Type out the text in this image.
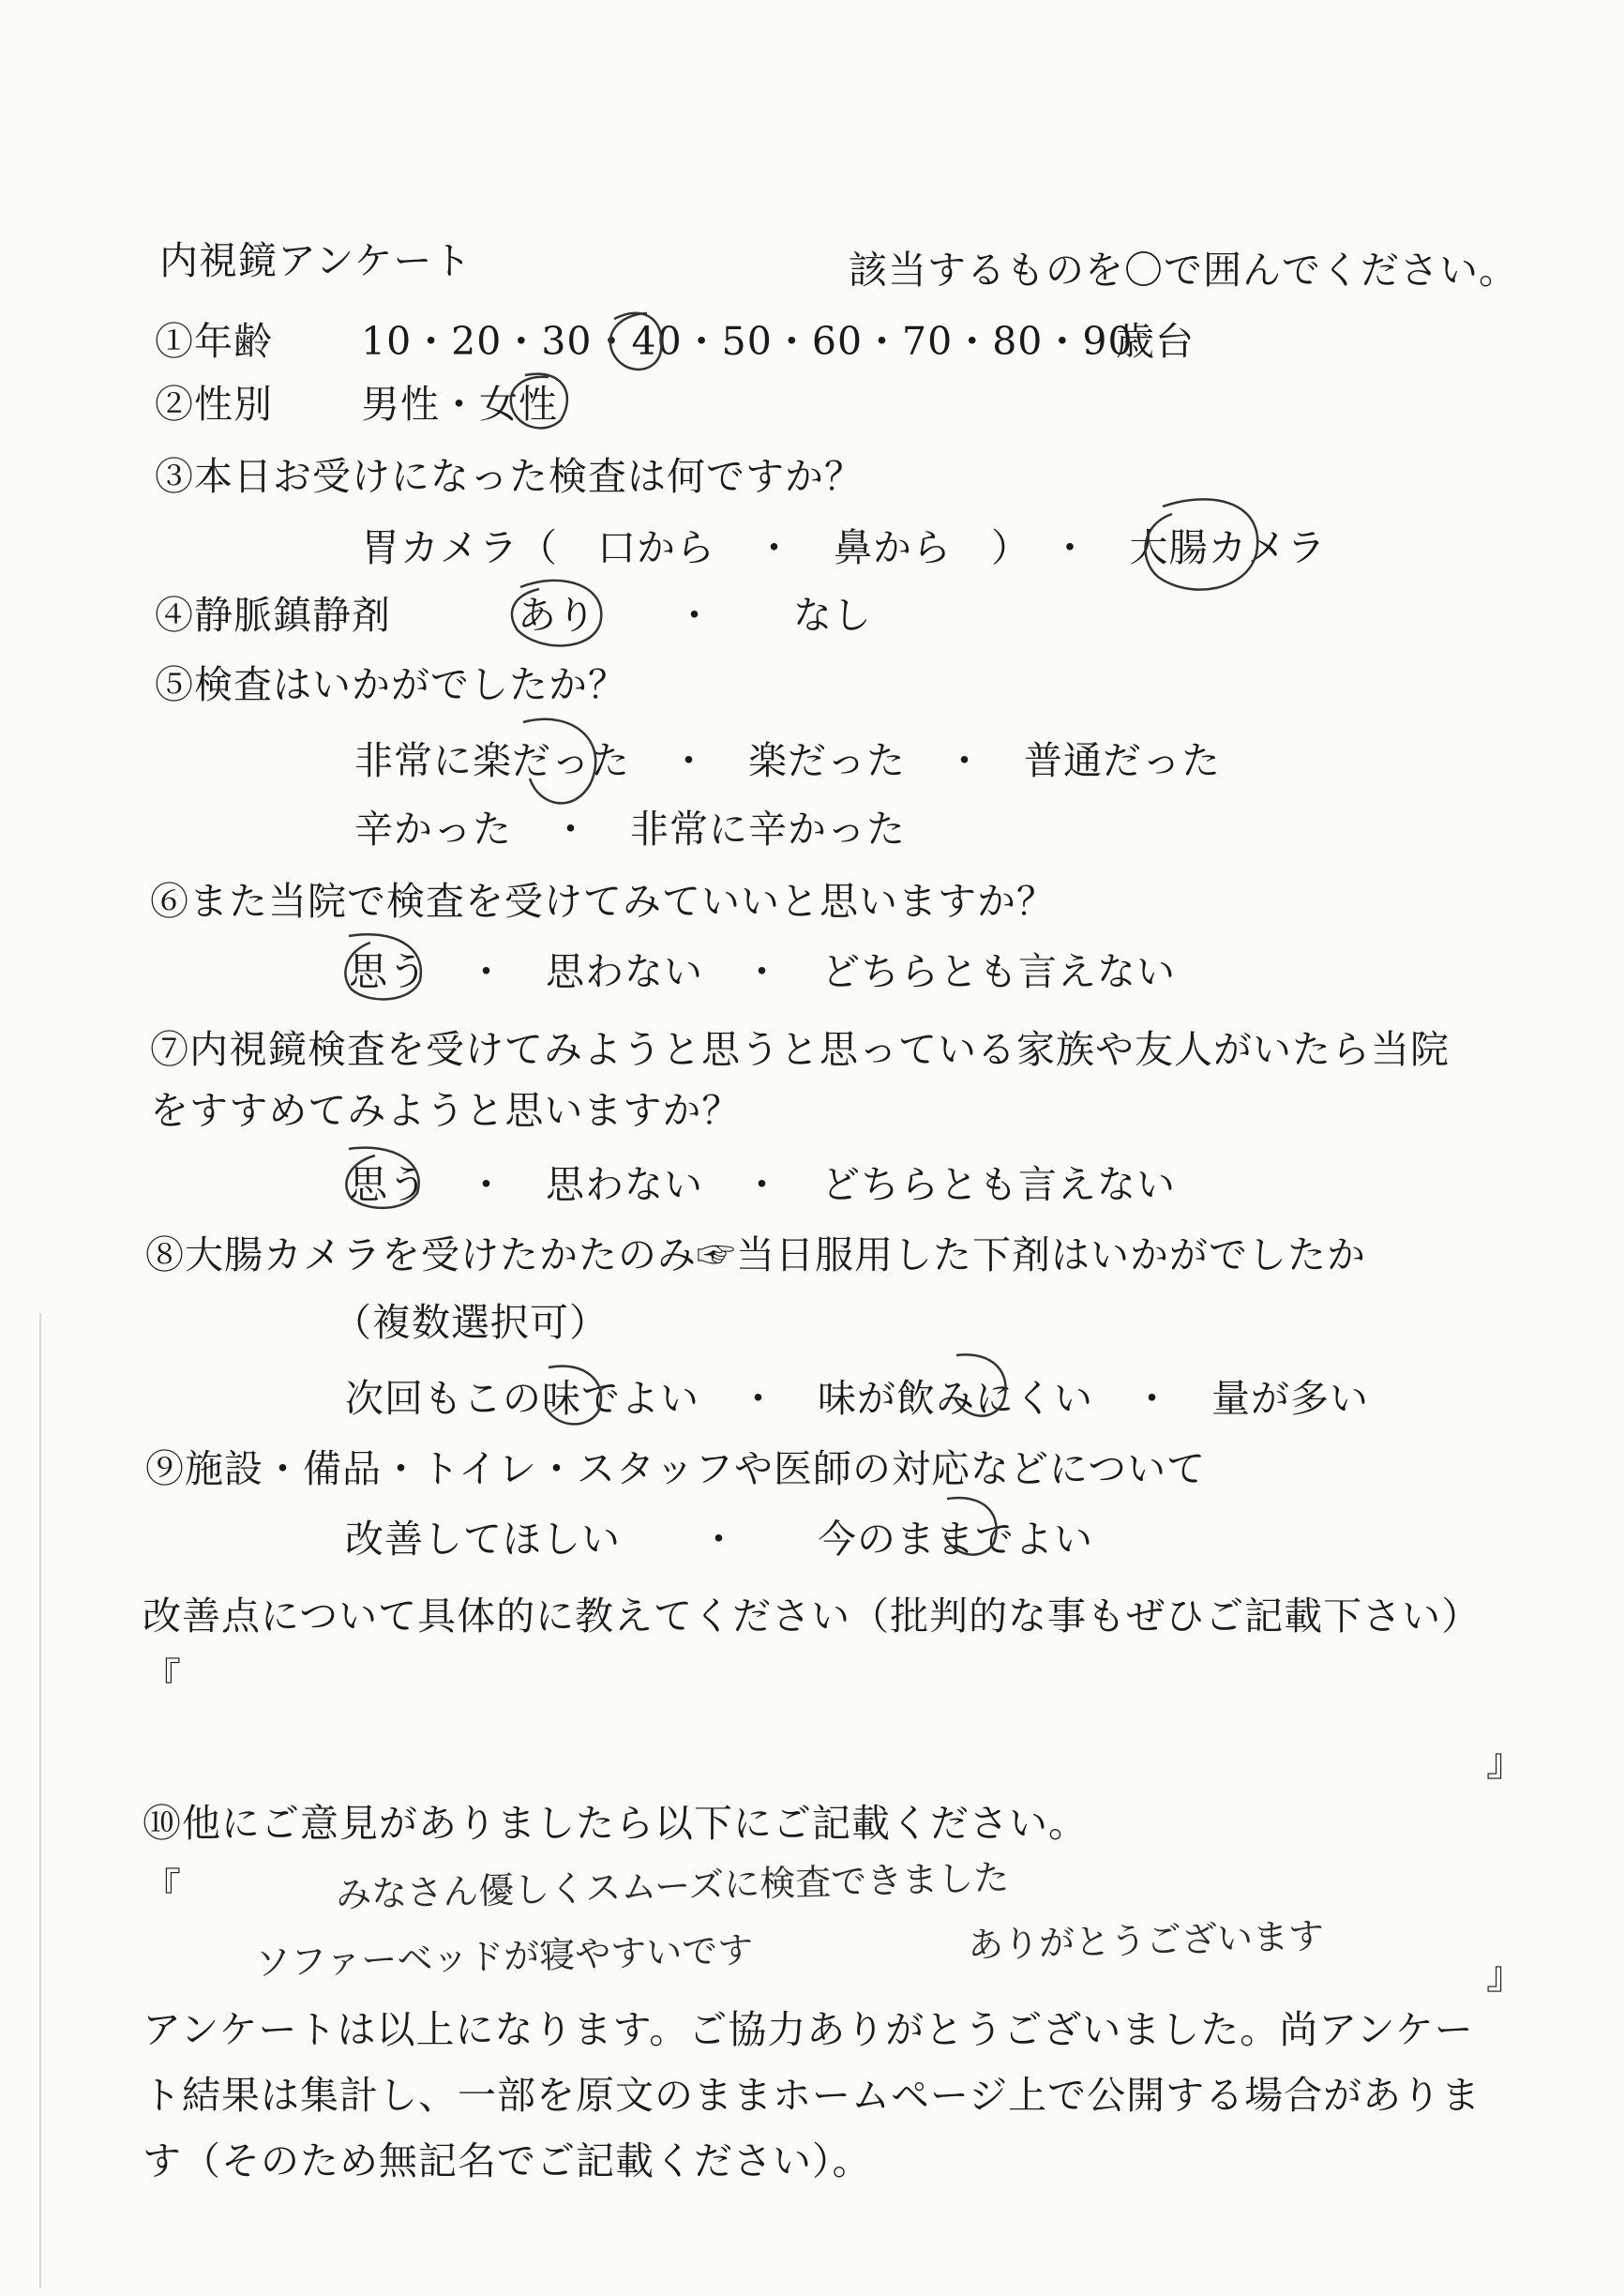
内視鏡アンケート	該当するものを〇で囲んでください。
①年齢 10・20・30・40・50・60・70・80・90
歳台
②性別 男性・女性
③本日お受けになった検査は何ですか？
胃カメラ（　口から　・　鼻から　）　・　大腸カメラ
④静脈鎮静剤	あり　　・　　なし
⑤検査はいかがでしたか？
非常に楽だった　・　楽だった　・　普通だった
辛かった　・　非常に辛かった
⑥また当院で検査を受けてみていいと思いますか？
思う　・　思わない　・　どちらとも言えない
⑦内視鏡検査を受けてみようと思うと思っている家族や友人がいたら当院
をすすめてみようと思いますか？
思う　・　思わない　・　どちらとも言えない
⑧大腸カメラを受けたかたのみ☞当日服用した下剤はいかがでしたか
（複数選択可）
次回もこの味でよい　・　味が飲みにくい　・　量が多い
⑨施設・備品・トイレ・スタッフや医師の対応などについて
改善してほしい　　・　　今のままでよい
改善点について具体的に教えてください（批判的な事もぜひご記載下さい）
『
』
⑩他にご意見がありましたら以下にご記載ください。
『
』
みなさん優しくスムーズに検査できました
ソファーベッドが寝やすいです	ありがとうございます
アンケートは以上になります。ご協力ありがとうございました。尚アンケー
ト結果は集計し、一部を原文のままホームページ上で公開する場合がありま
す（そのため無記名でご記載ください）。
